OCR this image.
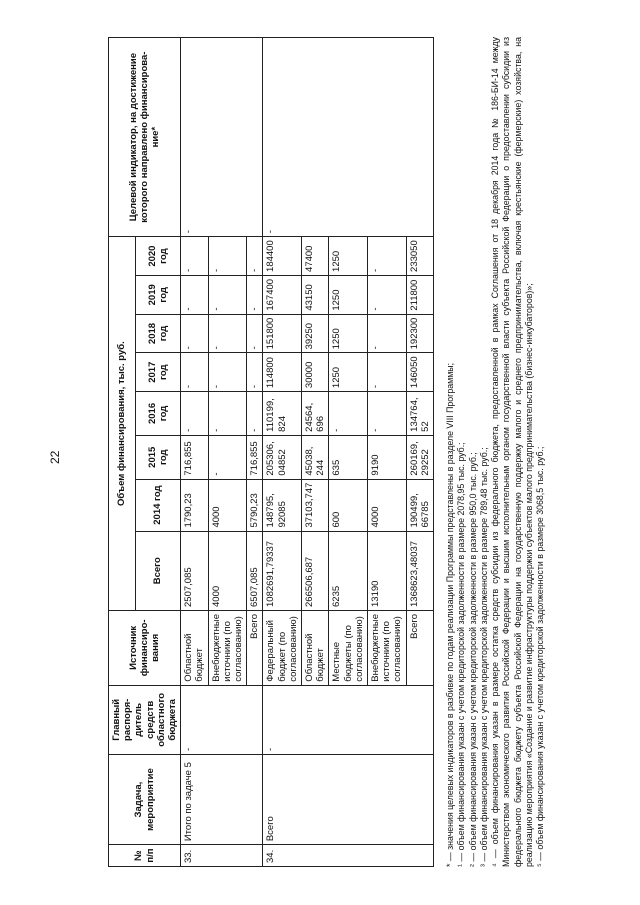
22
№ п/п	Задача, мероприятие	Главный распоря- дитель средств областного бюджета	Источник финансиро- вания	Объем финансирования, тыс. руб.								Целевой индикатор, на достижение которого направлено финансирова- ние*
				Всего	2014 год	2015 год	2016 год	2017 год	2018 год	2019 год	2020 год	
33.	Итого по задаче 5	-	Областной бюджет	2507,085	1790,23	716,855	-	-	-	-	-	-
			Внебюджетные источники (по согласованию)	4000	4000	-	-	-	-	-	-	
			Всего	6507,085	5790,23	716,855	-	-	-	-	-	
34.	Всего	-	Федеральный бюджет (по согласованию)	1082691,79337	148795, 92085	205306, 04852	110199, 824	114800	151800	167400	184400	-
			Областной бюджет	266506,687	37103,747	45038, 244	24564, 696	30000	39250	43150	47400	
			Местные бюджеты (по согласованию)	6235	600	635	-	1250	1250	1250	1250	
			Внебюджетные источники (по согласованию)	13190	4000	9190	-	-	-	-	-	
			Всего	1368623,48037	190499, 66785	260169, 29252	134764, 52	146050	192300	211800	233050	

* — значения целевых индикаторов в разбивке по годам реализации Программы представлены в разделе VIII Программы; ¹ — объем финансирования указан с учетом кредиторской задолженности в размере 2078,95 тыс. руб.; ² — объем финансирования указан с учетом кредиторской задолженности в размере 950,0 тыс. руб.; ³ — объем финансирования указан с учетом кредиторской задолженности в размере 789,48 тыс. руб.; ⁴ — объем финансирования указан в размере остатка средств субсидии из федерального бюджета, предоставленной в рамках Соглашения от 18 декабря 2014 года № 186-БИ-14 между Министерством экономического развития Российской Федерации и высшим исполнительным органом государственной власти субъекта Российской Федерации о предоставлении субсидии из федерального бюджета бюджету субъекта Российской Федерации на государственную поддержку малого и среднего предпринимательства, включая крестьянские (фермерские) хозяйства, на реализацию мероприятия «Создание и развитие инфраструктуры поддержки субъектов малого предпринимательства (бизнес-инкубаторов)»; ⁵ — объем финансирования указан с учетом кредиторской задолженности в размере 3068,5 тыс. руб.;
